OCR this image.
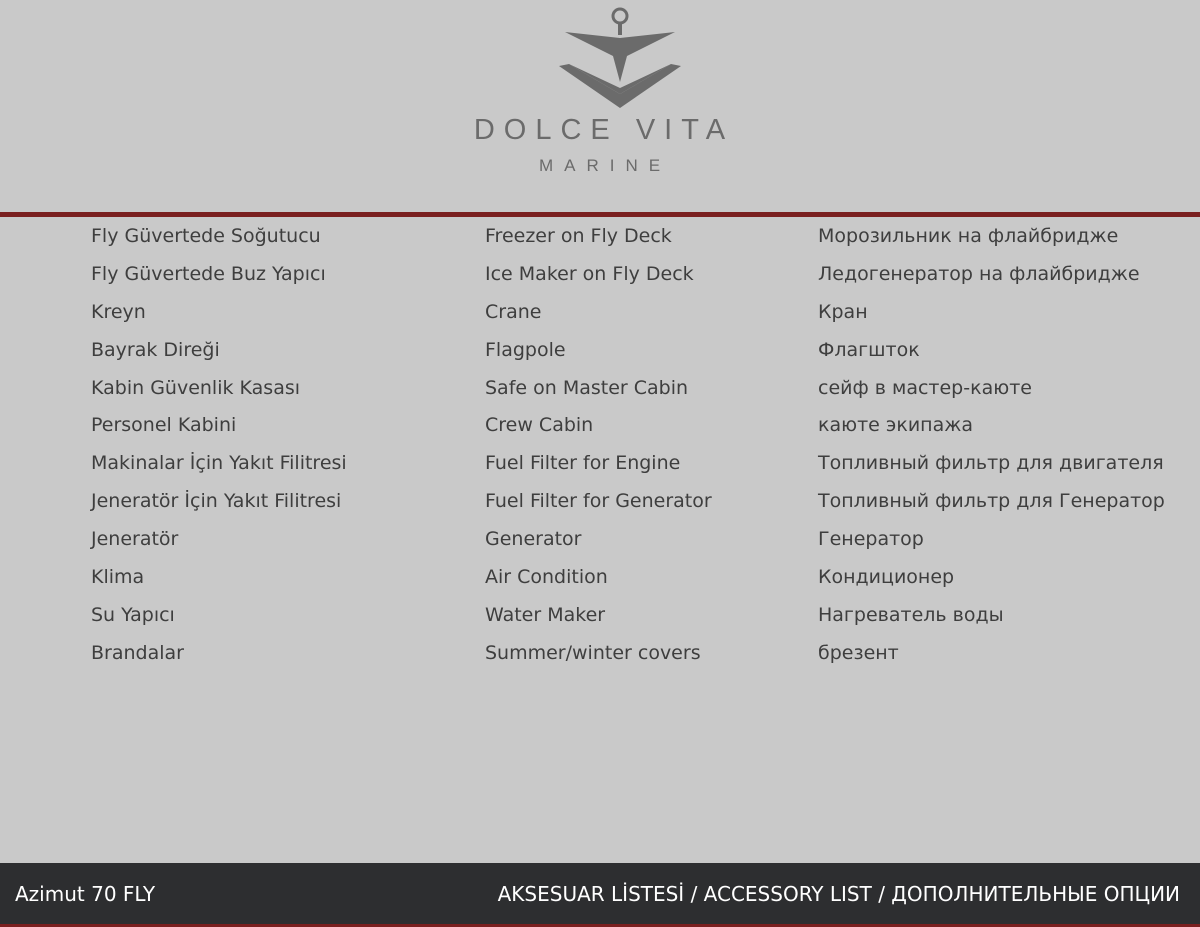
DOLCE VITA
MARINE
Fly Güvertede Soğutucu	Freezer on Fly Deck	Морозильник на флайбридже
Fly Güvertede Buz Yapıcı	Ice Maker on Fly Deck	Ледогенератор на флайбридже
Kreyn	Crane	Кран
Bayrak Direği	Flagpole	Флагшток
Kabin Güvenlik Kasası	Safe on Master Cabin	сейф в мастер-каюте
Personel Kabini	Crew Cabin	каюте экипажа
Makinalar İçin Yakıt Filitresi	Fuel Filter for Engine	Топливный фильтр для двигателя
Jeneratör İçin Yakıt Filitresi	Fuel Filter for Generator	Топливный фильтр для Генератор
Jeneratör	Generator	Генератор
Klima	Air Condition	Кондиционер
Su Yapıcı	Water Maker	Нагреватель воды
Brandalar	Summer/winter covers	брезент
Azimut 70 FLY	AKSESUAR LİSTESİ / ACCESSORY LIST / ДОПОЛНИТЕЛЬНЫЕ ОПЦИИ
